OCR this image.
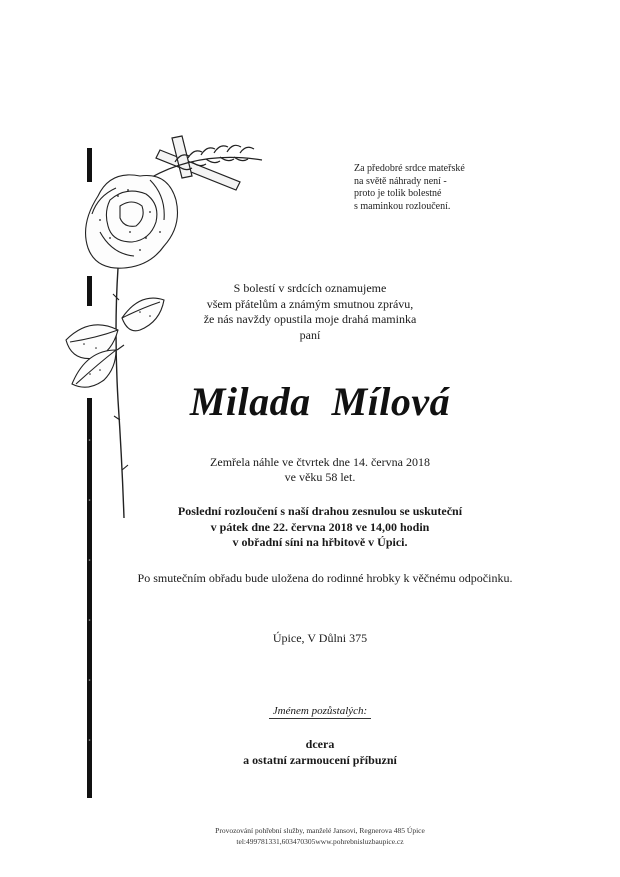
Za předobré srdce mateřské
na světě náhrady není -
proto je tolik bolestné
s maminkou rozloučení.
S bolestí v srdcích oznamujeme
všem přátelům a známým smutnou zprávu,
že nás navždy opustila moje drahá maminka
paní
Milada  Mílová
Zemřela náhle ve čtvrtek dne 14. června 2018
ve věku 58 let.
Poslední rozloučení s naší drahou zesnulou se uskuteční
v pátek dne 22. června 2018 ve 14,00 hodin
v obřadní síni na hřbitově v Úpici.
Po smutečním obřadu bude uložena do rodinné hrobky k věčnému odpočinku.
Úpice, V Důlni 375
Jménem pozůstalých:
dcera
a ostatní zarmoucení příbuzní
Provozování pohřební služby, manželé Jansovi, Regnerova 485 Úpice
tel:499781331,603470305www.pohrebnisluzbaupice.cz
